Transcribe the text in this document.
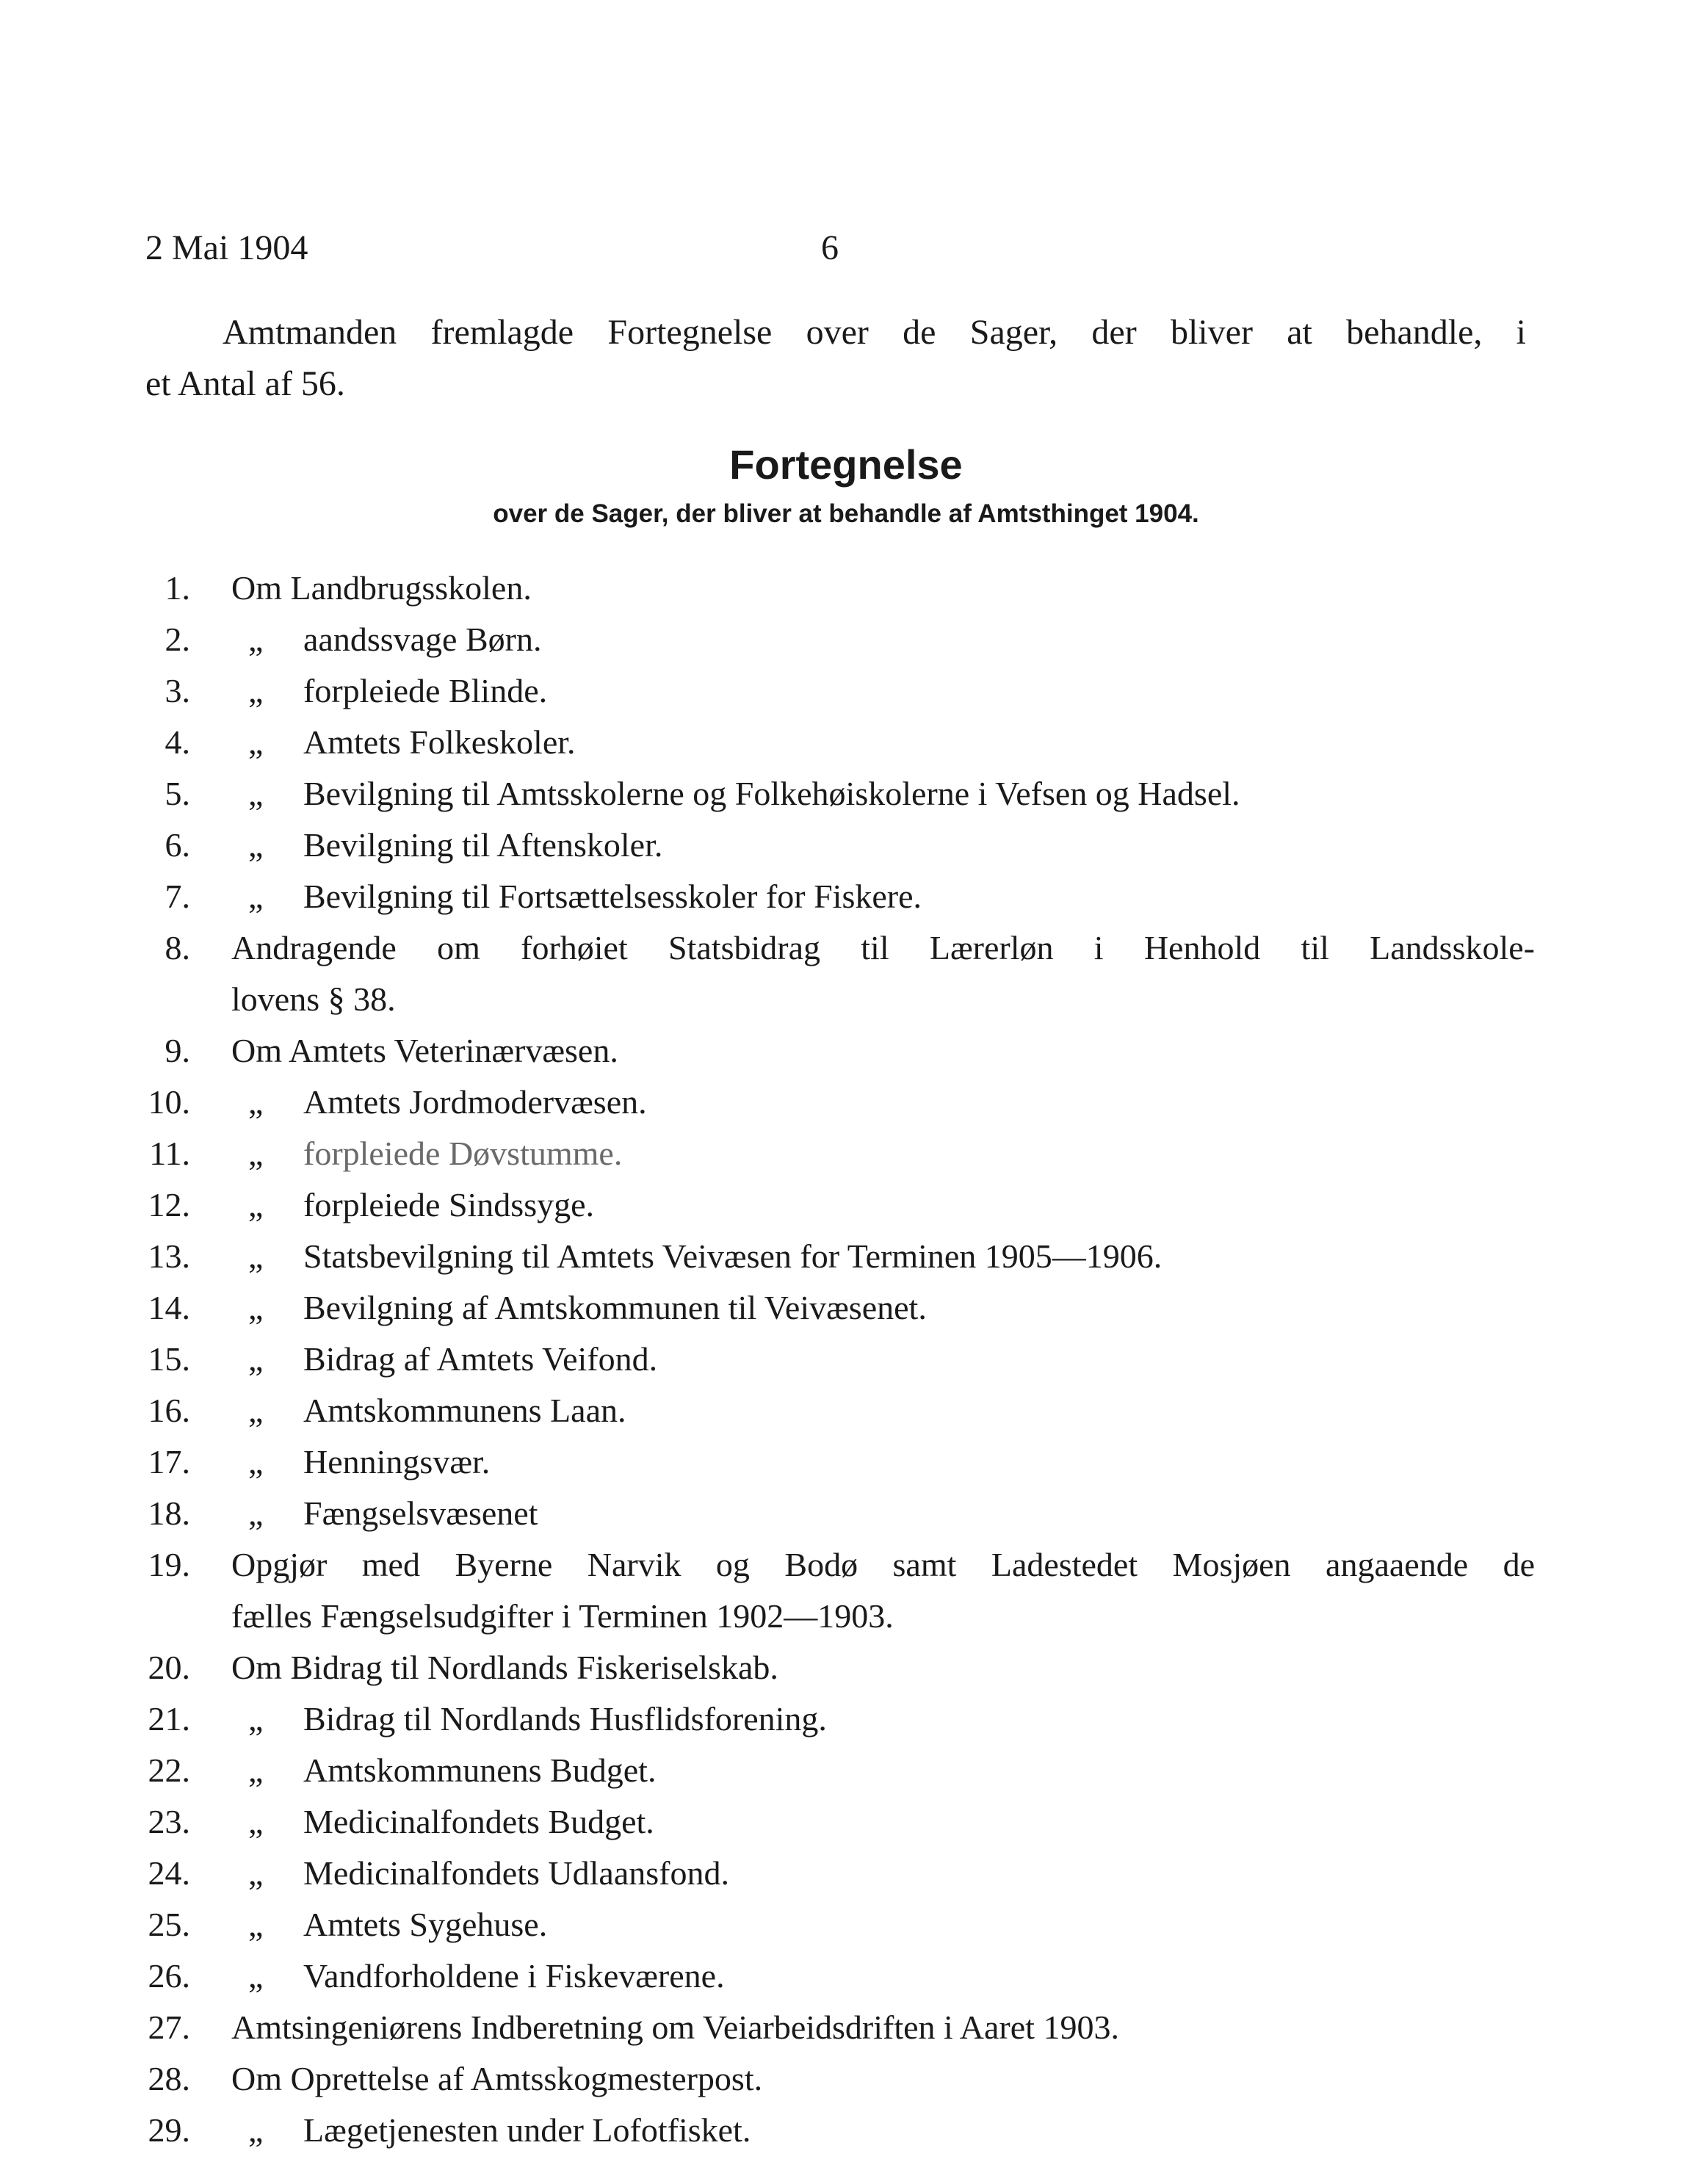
2 Mai 1904	6
Amtmanden fremlagde Fortegnelse over de Sager, der bliver at behandle, i
et Antal af 56.
Fortegnelse
over de Sager, der bliver at behandle af Amtsthinget 1904.
1. Om Landbrugsskolen.
2. „ aandssvage Børn.
3. „ forpleiede Blinde.
4. „ Amtets Folkeskoler.
5. „ Bevilgning til Amtsskolerne og Folkehøiskolerne i Vefsen og Hadsel.
6. „ Bevilgning til Aftenskoler.
7. „ Bevilgning til Fortsættelsesskoler for Fiskere.
8. Andragende om forhøiet Statsbidrag til Lærerløn i Henhold til Landsskole-
lovens § 38.
9. Om Amtets Veterinærvæsen.
10. „ Amtets Jordmodervæsen.
11. „ forpleiede Døvstumme.
12. „ forpleiede Sindssyge.
13. „ Statsbevilgning til Amtets Veivæsen for Terminen 1905—1906.
14. „ Bevilgning af Amtskommunen til Veivæsenet.
15. „ Bidrag af Amtets Veifond.
16. „ Amtskommunens Laan.
17. „ Henningsvær.
18. „ Fængselsvæsenet
19. Opgjør med Byerne Narvik og Bodø samt Ladestedet Mosjøen angaaende de
fælles Fængselsudgifter i Terminen 1902—1903.
20. Om Bidrag til Nordlands Fiskeriselskab.
21. „ Bidrag til Nordlands Husflidsforening.
22. „ Amtskommunens Budget.
23. „ Medicinalfondets Budget.
24. „ Medicinalfondets Udlaansfond.
25. „ Amtets Sygehuse.
26. „ Vandforholdene i Fiskeværene.
27. Amtsingeniørens Indberetning om Veiarbeidsdriften i Aaret 1903.
28. Om Oprettelse af Amtsskogmesterpost.
29. „ Lægetjenesten under Lofotfisket.
